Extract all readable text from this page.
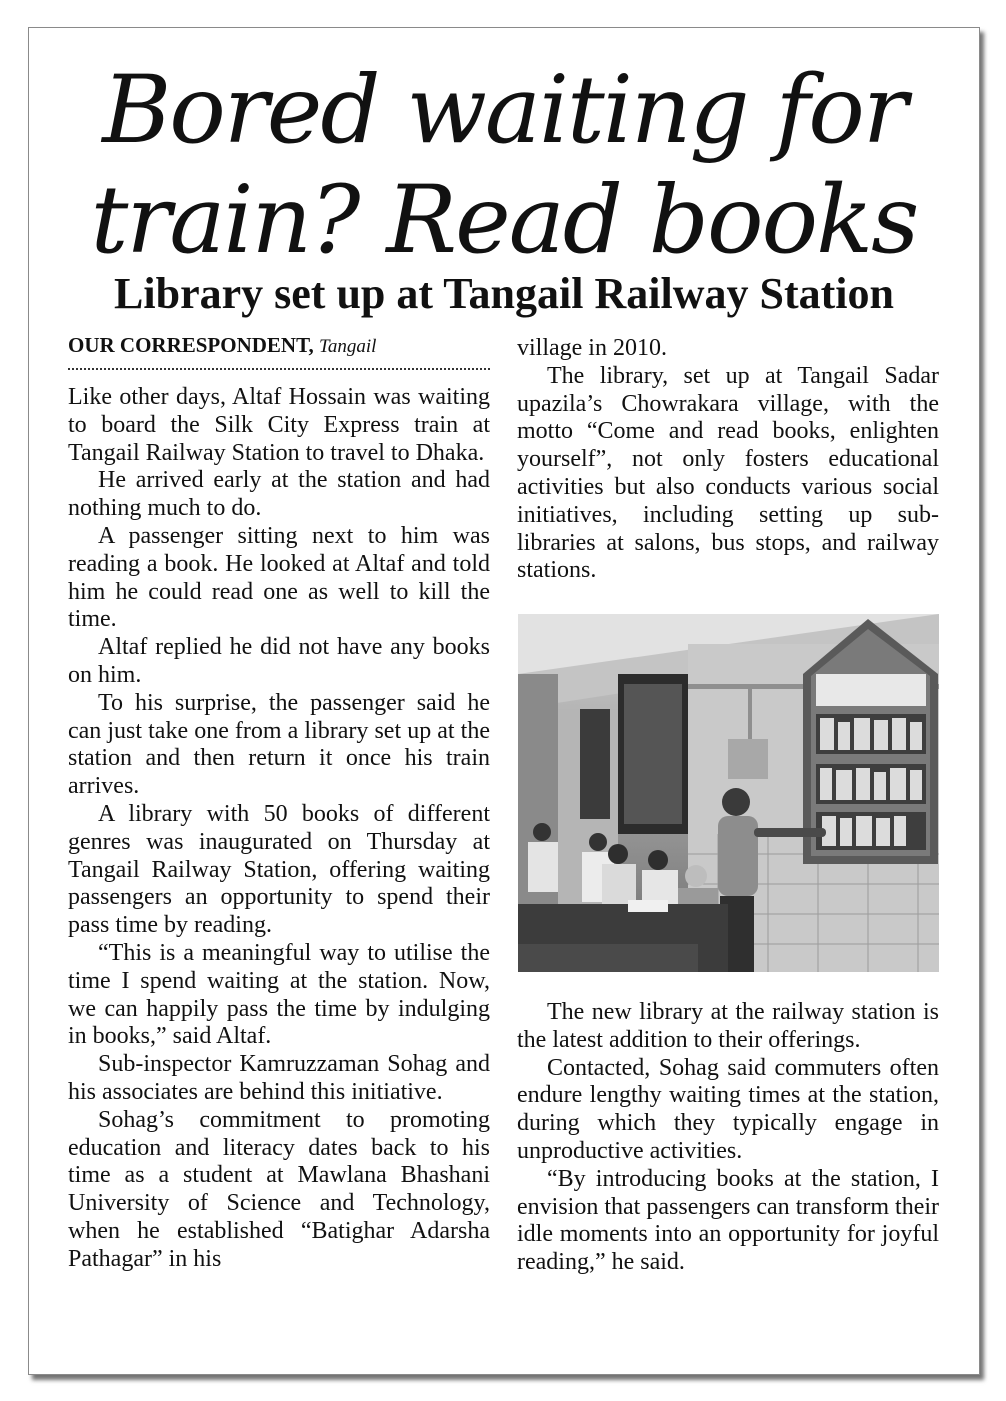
Bored waiting for
train? Read books
Library set up at Tangail Railway Station
OUR CORRESPONDENT, Tangail

Like other days, Altaf Hossain was waiting to board the Silk City Express train at Tangail Railway Station to travel to Dhaka.

He arrived early at the station and had nothing much to do.

A passenger sitting next to him was reading a book. He looked at Altaf and told him he could read one as well to kill the time.

Altaf replied he did not have any books on him.

To his surprise, the passenger said he can just take one from a library set up at the station and then return it once his train arrives.

A library with 50 books of different genres was inaugurated on Thursday at Tangail Railway Station, offering waiting passengers an opportunity to spend their pass time by reading.

“This is a meaningful way to utilise the time I spend waiting at the station. Now, we can happily pass the time by indulging in books,” said Altaf.

Sub-inspector Kamruzzaman Sohag and his associates are behind this initiative.

Sohag’s commitment to promoting education and literacy dates back to his time as a student at Mawlana Bhashani University of Science and Technology, when he established “Batighar Adarsha Pathagar” in his

village in 2010.

The library, set up at Tangail Sadar upazila’s Chowrakara village, with the motto “Come and read books, enlighten yourself”, not only fosters educational activities but also conducts various social initiatives, including setting up sub-libraries at salons, bus stops, and railway stations.

The new library at the railway station is the latest addition to their offerings.

Contacted, Sohag said commuters often endure lengthy waiting times at the station, during which they typically engage in unproductive activities.

“By introducing books at the station, I envision that passengers can transform their idle moments into an opportunity for joyful reading,” he said.
